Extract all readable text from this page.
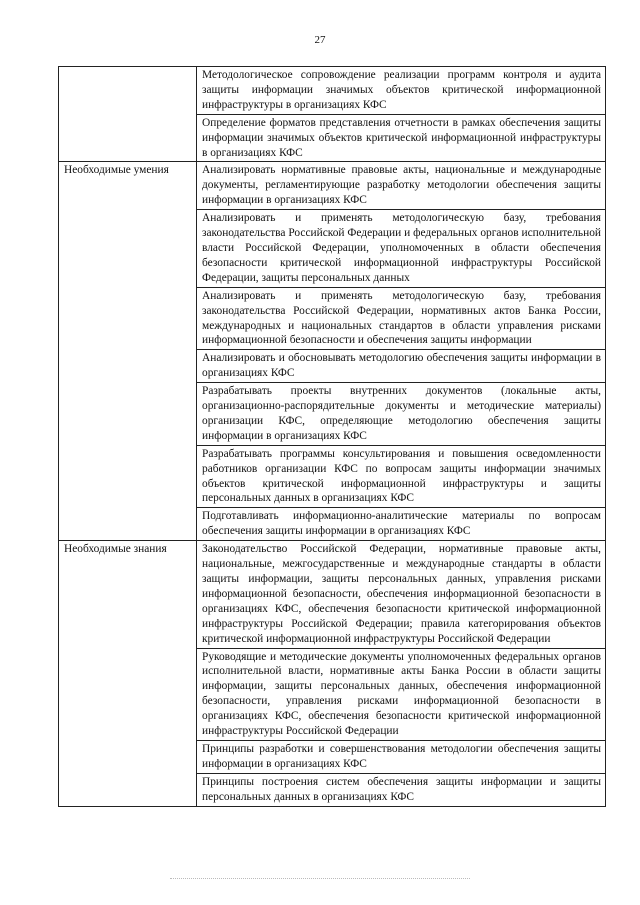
27
	Методологическое сопровождение реализации программ контроля и аудита защиты информации значимых объектов критической информационной инфраструктуры в организациях КФС
	Определение форматов представления отчетности в рамках обеспечения защиты информации значимых объектов критической информационной инфраструктуры в организациях КФС
Необходимые умения	Анализировать нормативные правовые акты, национальные и международные документы, регламентирующие разработку методологии обеспечения защиты информации в организациях КФС
	Анализировать и применять методологическую базу, требования законодательства Российской Федерации и федеральных органов исполнительной власти Российской Федерации, уполномоченных в области обеспечения безопасности критической информационной инфраструктуры Российской Федерации, защиты персональных данных
	Анализировать и применять методологическую базу, требования законодательства Российской Федерации, нормативных актов Банка России, международных и национальных стандартов в области управления рисками информационной безопасности и обеспечения защиты информации
	Анализировать и обосновывать методологию обеспечения защиты информации в организациях КФС
	Разрабатывать проекты внутренних документов (локальные акты, организационно-распорядительные документы и методические материалы) организации КФС, определяющие методологию обеспечения защиты информации в организациях КФС
	Разрабатывать программы консультирования и повышения осведомленности работников организации КФС по вопросам защиты информации значимых объектов критической информационной инфраструктуры и защиты персональных данных в организациях КФС
	Подготавливать информационно-аналитические материалы по вопросам обеспечения защиты информации в организациях КФС
Необходимые знания	Законодательство Российской Федерации, нормативные правовые акты, национальные, межгосударственные и международные стандарты в области защиты информации, защиты персональных данных, управления рисками информационной безопасности, обеспечения информационной безопасности в организациях КФС, обеспечения безопасности критической информационной инфраструктуры Российской Федерации; правила категорирования объектов критической информационной инфраструктуры Российской Федерации
	Руководящие и методические документы уполномоченных федеральных органов исполнительной власти, нормативные акты Банка России в области защиты информации, защиты персональных данных, обеспечения информационной безопасности, управления рисками информационной безопасности в организациях КФС, обеспечения безопасности критической информационной инфраструктуры Российской Федерации
	Принципы разработки и совершенствования методологии обеспечения защиты информации в организациях КФС
	Принципы построения систем обеспечения защиты информации и защиты персональных данных в организациях КФС
